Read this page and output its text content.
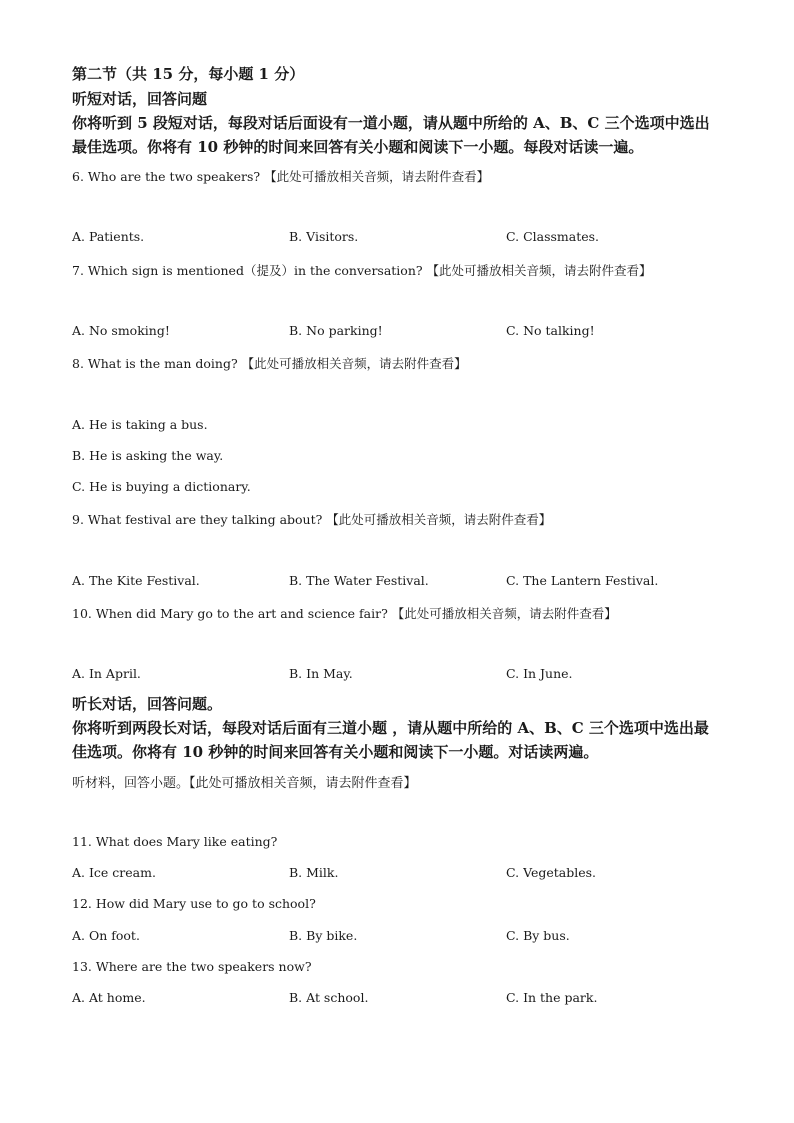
第二节（共 15 分，每小题 1 分）
听短对话，回答问题
你将听到 5 段短对话，每段对话后面设有一道小题，请从题中所给的 A、B、C 三个选项中选出最佳选项。你将有 10 秒钟的时间来回答有关小题和阅读下一小题。每段对话读一遍。
6. Who are the two speakers? 【此处可播放相关音频，请去附件查看】
A. Patients.	B. Visitors.	C. Classmates.
7. Which sign is mentioned（提及）in the conversation? 【此处可播放相关音频，请去附件查看】
A. No smoking!	B. No parking!	C. No talking!
8. What is the man doing? 【此处可播放相关音频，请去附件查看】
A. He is taking a bus.
B. He is asking the way.
C. He is buying a dictionary.
9. What festival are they talking about? 【此处可播放相关音频，请去附件查看】
A. The Kite Festival.	B. The Water Festival.	C. The Lantern Festival.
10. When did Mary go to the art and science fair? 【此处可播放相关音频，请去附件查看】
A. In April.	B. In May.	C. In June.
听长对话，回答问题。
你将听到两段长对话，每段对话后面有三道小题 ，请从题中所给的 A、B、C 三个选项中选出最佳选项。你将有 10 秒钟的时间来回答有关小题和阅读下一小题。对话读两遍。
听材料，回答小题。【此处可播放相关音频，请去附件查看】
11. What does Mary like eating?
A. Ice cream.	B. Milk.	C. Vegetables.
12. How did Mary use to go to school?
A. On foot.	B. By bike.	C. By bus.
13. Where are the two speakers now?
A. At home.	B. At school.	C. In the park.
